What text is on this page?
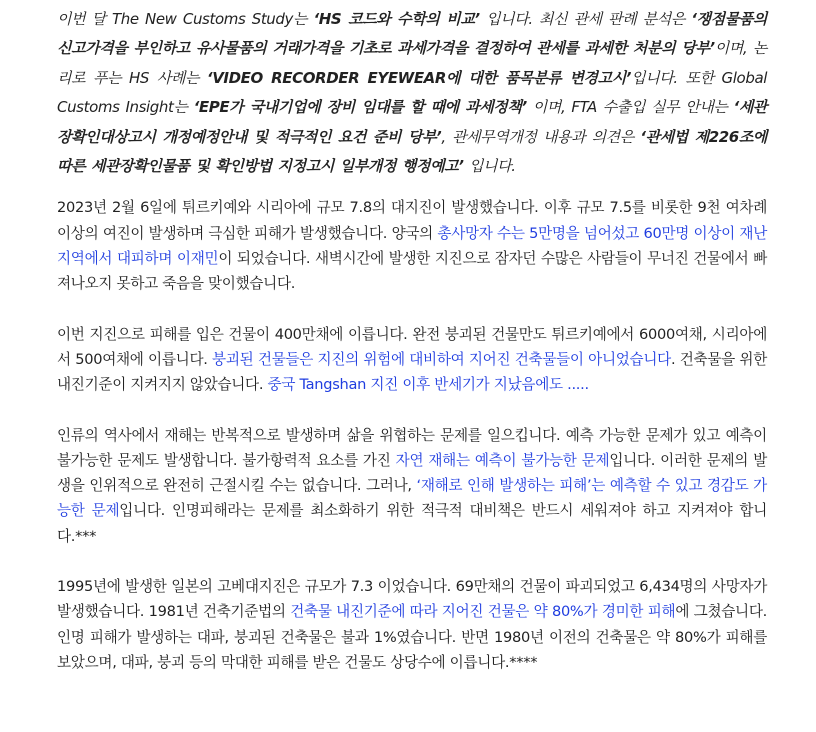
이번 달 The New Customs Study는 ‘HS 코드와 수학의 비교’ 입니다. 최신 관세 판례 분석은 ‘쟁점물품의 신고가격을 부인하고 유사물품의 거래가격을 기초로 과세가격을 결정하여 관세를 과세한 처분의 당부’이며, 논리로 푸는 HS 사례는 ‘VIDEO RECORDER EYEWEAR에 대한 품목분류 변경고시’입니다. 또한 Global Customs Insight는 ‘EPE가 국내기업에 장비 임대를 할 때에 과세정책’ 이며, FTA 수출입 실무 안내는 ‘세관장확인대상고시 개정예정안내 및 적극적인 요건 준비 당부’, 관세무역개정 내용과 의견은 ‘관세법 제226조에 따른 세관장확인물품 및 확인방법 지정고시 일부개정 행정예고’ 입니다.

2023년 2월 6일에 튀르키예와 시리아에 규모 7.8의 대지진이 발생했습니다. 이후 규모 7.5를 비롯한 9천 여차례 이상의 여진이 발생하며 극심한 피해가 발생했습니다. 양국의 총사망자 수는 5만명을 넘어섰고 60만명 이상이 재난 지역에서 대피하며 이재민이 되었습니다. 새벽시간에 발생한 지진으로 잠자던 수많은 사람들이 무너진 건물에서 빠져나오지 못하고 죽음을 맞이했습니다.

이번 지진으로 피해를 입은 건물이 400만채에 이릅니다. 완전 붕괴된 건물만도 튀르키예에서 6000여채, 시리아에서 500여채에 이릅니다. 붕괴된 건물들은 지진의 위험에 대비하여 지어진 건축물들이 아니었습니다. 건축물을 위한 내진기준이 지켜지지 않았습니다. 중국 Tangshan 지진 이후 반세기가 지났음에도 .....

인류의 역사에서 재해는 반복적으로 발생하며 삶을 위협하는 문제를 일으킵니다. 예측 가능한 문제가 있고 예측이 불가능한 문제도 발생합니다. 불가항력적 요소를 가진 자연 재해는 예측이 불가능한 문제입니다. 이러한 문제의 발생을 인위적으로 완전히 근절시킬 수는 없습니다. 그러나, ‘재해로 인해 발생하는 피해’는 예측할 수 있고 경감도 가능한 문제입니다. 인명피해라는 문제를 최소화하기 위한 적극적 대비책은 반드시 세워져야 하고 지켜져야 합니다.***

1995년에 발생한 일본의 고베대지진은 규모가 7.3 이었습니다. 69만채의 건물이 파괴되었고 6,434명의 사망자가 발생했습니다. 1981년 건축기준법의 건축물 내진기준에 따라 지어진 건물은 약 80%가 경미한 피해에 그쳤습니다. 인명 피해가 발생하는 대파, 붕괴된 건축물은 불과 1%였습니다. 반면 1980년 이전의 건축물은 약 80%가 피해를 보았으며, 대파, 붕괴 등의 막대한 피해를 받은 건물도 상당수에 이릅니다.****
